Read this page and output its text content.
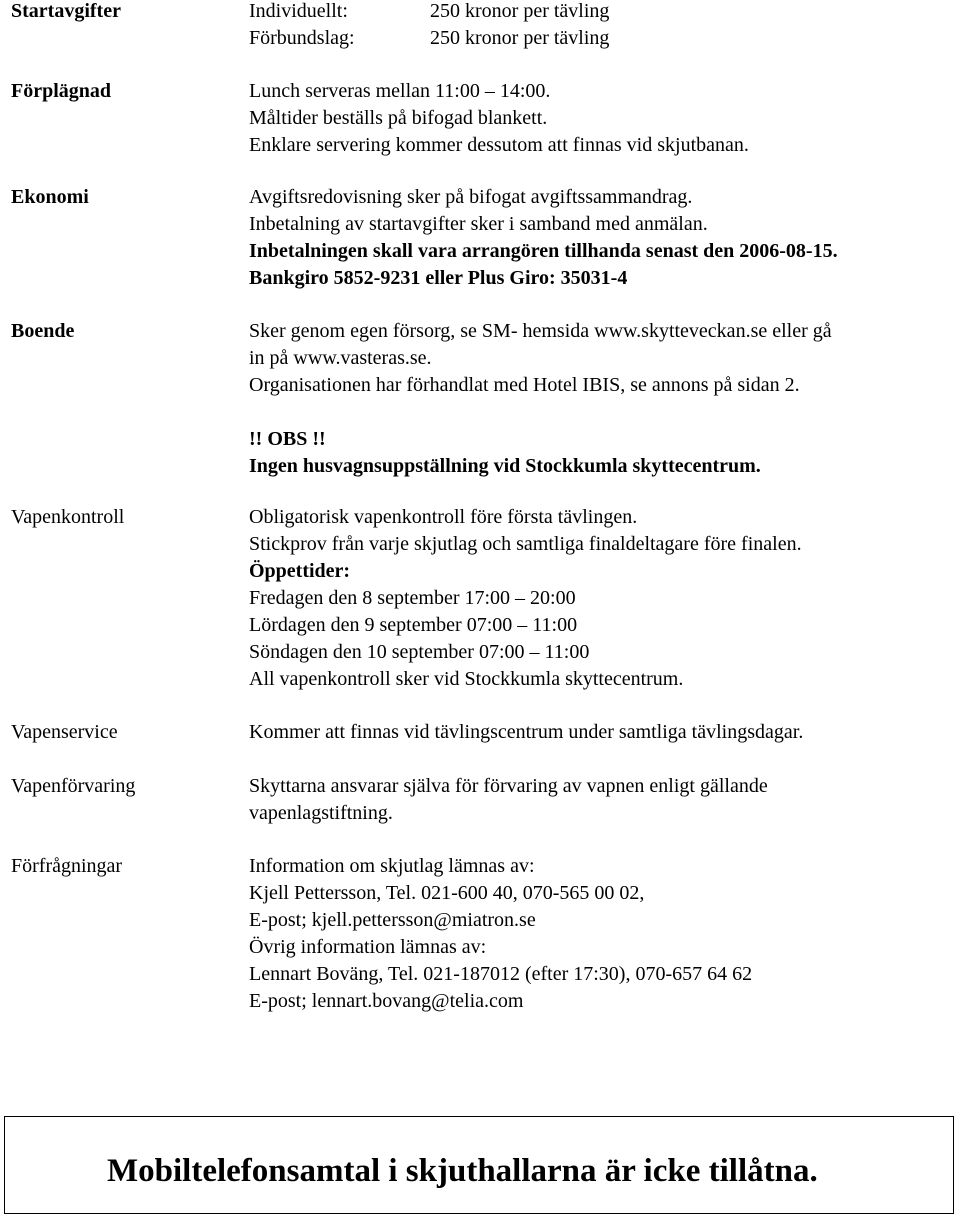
Startavgifter	Individuellt:	250 kronor per tävling
Förbundslag:	250 kronor per tävling
Förplägnad	Lunch serveras mellan 11:00 – 14:00.
Måltider beställs på bifogad blankett.
Enklare servering kommer dessutom att finnas vid skjutbanan.
Ekonomi	Avgiftsredovisning sker på bifogat avgiftssammandrag.
Inbetalning av startavgifter sker i samband med anmälan.
Inbetalningen skall vara arrangören tillhanda senast den 2006-08-15.
Bankgiro 5852-9231 eller Plus Giro: 35031-4
Boende	Sker genom egen försorg, se SM- hemsida www.skytteveckan.se eller gå
in på www.vasteras.se.
Organisationen har förhandlat med Hotel IBIS, se annons på sidan 2.
!! OBS !!
Ingen husvagnsuppställning vid Stockkumla skyttecentrum.
Vapenkontroll	Obligatorisk vapenkontroll före första tävlingen.
Stickprov från varje skjutlag och samtliga finaldeltagare före finalen.
Öppettider:
Fredagen den 8 september 17:00 – 20:00
Lördagen den 9 september 07:00 – 11:00
Söndagen den 10 september 07:00 – 11:00
All vapenkontroll sker vid Stockkumla skyttecentrum.
Vapenservice	Kommer att finnas vid tävlingscentrum under samtliga tävlingsdagar.
Vapenförvaring	Skyttarna ansvarar själva för förvaring av vapnen enligt gällande
vapenlagstiftning.
Förfrågningar	Information om skjutlag lämnas av:
Kjell Pettersson, Tel. 021-600 40, 070-565 00 02,
E-post; kjell.pettersson@miatron.se
Övrig information lämnas av:
Lennart Boväng, Tel. 021-187012 (efter 17:30), 070-657 64 62
E-post; lennart.bovang@telia.com
Mobiltelefonsamtal i skjuthallarna är icke tillåtna.
